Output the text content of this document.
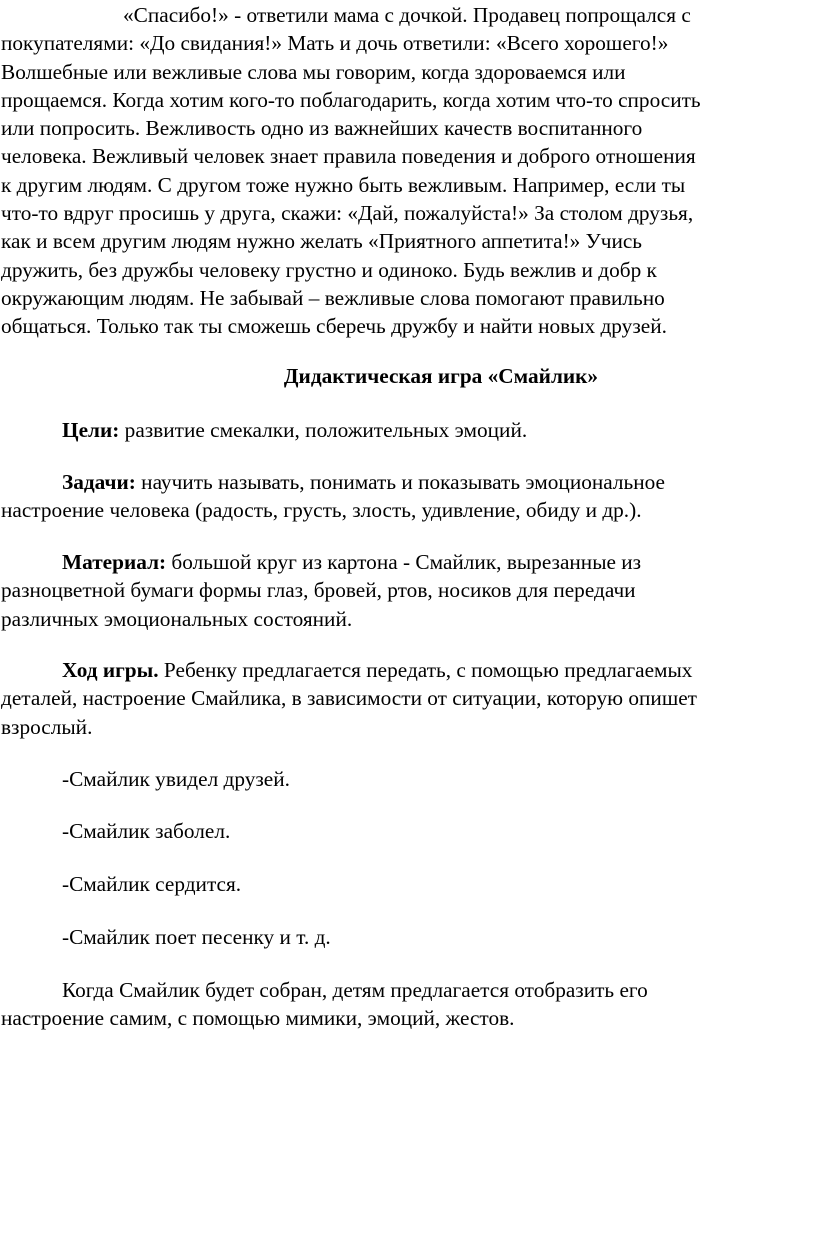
«Спасибо!» - ответили мама с дочкой. Продавец попрощался с
покупателями: «До свидания!» Мать и дочь ответили: «Всего хорошего!»
Волшебные или вежливые слова мы говорим, когда здороваемся или
прощаемся. Когда хотим кого-то поблагодарить, когда хотим что-то спросить
или попросить. Вежливость одно из важнейших качеств воспитанного
человека. Вежливый человек знает правила поведения и доброго отношения
к другим людям. С другом тоже нужно быть вежливым. Например, если ты
что-то вдруг просишь у друга, скажи: «Дай, пожалуйста!» За столом друзья,
как и всем другим людям нужно желать «Приятного аппетита!» Учись
дружить, без дружбы человеку грустно и одиноко. Будь вежлив и добр к
окружающим людям. Не забывай – вежливые слова помогают правильно
общаться. Только так ты сможешь сберечь дружбу и найти новых друзей.

Дидактическая игра «Смайлик»

Цели: развитие смекалки, положительных эмоций.
Задачи: научить называть, понимать и показывать эмоциональное
настроение человека (радость, грусть, злость, удивление, обиду и др.).
Материал: большой круг из картона - Смайлик, вырезанные из
разноцветной бумаги формы глаз, бровей, ртов, носиков для передачи
различных эмоциональных состояний.
Ход игры. Ребенку предлагается передать, с помощью предлагаемых
деталей, настроение Смайлика, в зависимости от ситуации, которую опишет
взрослый.
-Смайлик увидел друзей.
-Смайлик заболел.
-Смайлик сердится.
-Смайлик поет песенку и т. д.
Когда Смайлик будет собран, детям предлагается отобразить его
настроение самим, с помощью мимики, эмоций, жестов.
